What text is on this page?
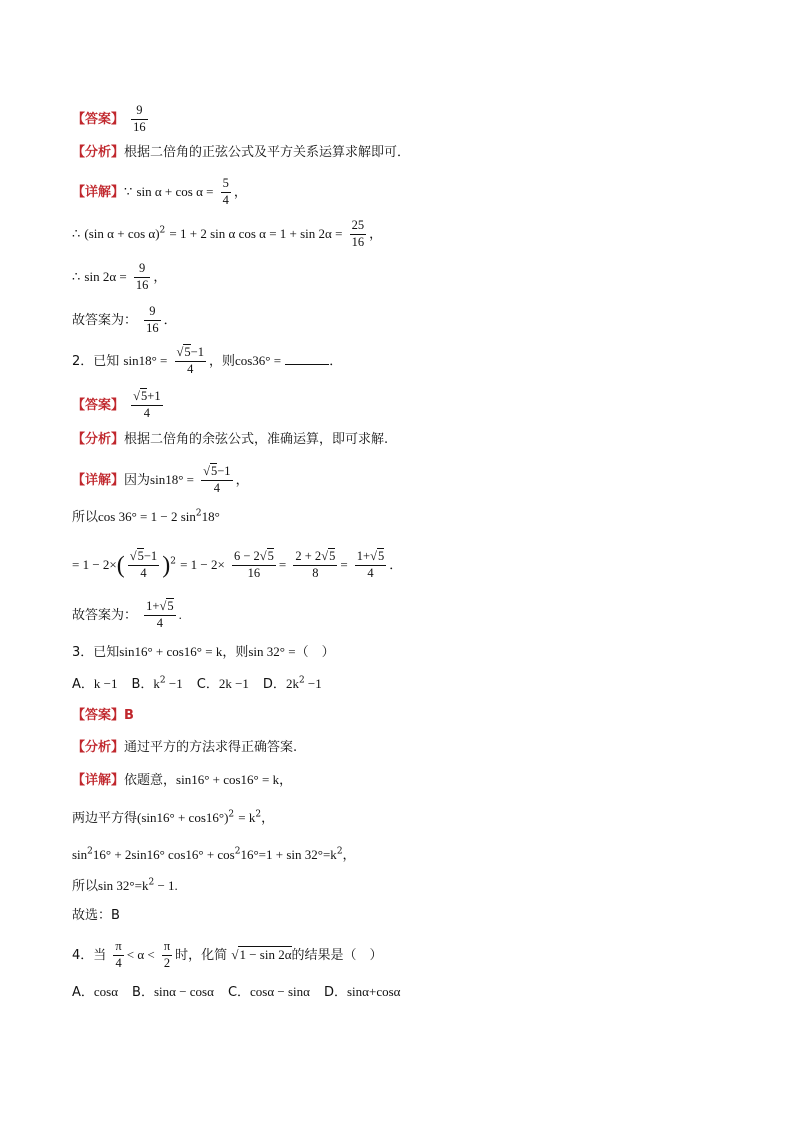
【答案】 $\frac{9}{16}$
【分析】根据二倍角的正弦公式及平方关系运算求解即可．
【详解】∵ $\sin \alpha + \cos \alpha = \frac{5}{4}$ ，
∴ (sin α + cos α)$^2$ = 1 + 2 sin α $\cos \alpha = 1 + \sin 2\alpha = \frac{25}{16}$ ，
∴ $\sin 2\alpha = \frac{9}{16}$ ，
故答案为： $\frac{9}{16}$ ．
2．已知 $\sin 18^\circ = \frac{√5-1}{4}$ ，则cos36° =	．
【答案】 $\frac{√5+1}{4}$
【分析】根据二倍角的余弦公式，准确运算，即可求解.
【详解】因为$\sin 18^\circ = \frac{√5-1}{4}$ ，
所以cos 36° = 1 − 2 $\sin^218^\circ$
= $1 - 2\times( \frac{√5-1}{4} )^2 = 1 - 2\times \frac{6 - 2√5}{16} = \frac{2 + 2√5}{8} = \frac{1+√5}{4}$ ．
故答案为： $\frac{1+√5}{4}$ .
3．已知sin16° + cos16° = k，则sin 32° =（　）
A．k −1 B．$k^2 -1$ C．2k −1 D．$2k^2 -1$
【答案】B
【分析】通过平方的方法求得正确答案.
【详解】依题意，sin16° + cos16° = k，
两边平方得$(\sin 16^\circ + \cos 16^\circ)^2 = k^2$，
$\sin^216^\circ + 2\sin 16^\circ$ $\cos 16^\circ + \cos^216^\circ=1 + \sin 32^\circ=k^2$，
所以$\sin 32^\circ=k^2 - 1$.
故选：B
4．当 $\frac{\pi}{4} < \alpha < \frac{\pi}{2}$ 时，化简 √1 − sin 2α的结果是（　）
A．cosα B．sinα − cosα C．cosα − sinα D．sinα+cosα
